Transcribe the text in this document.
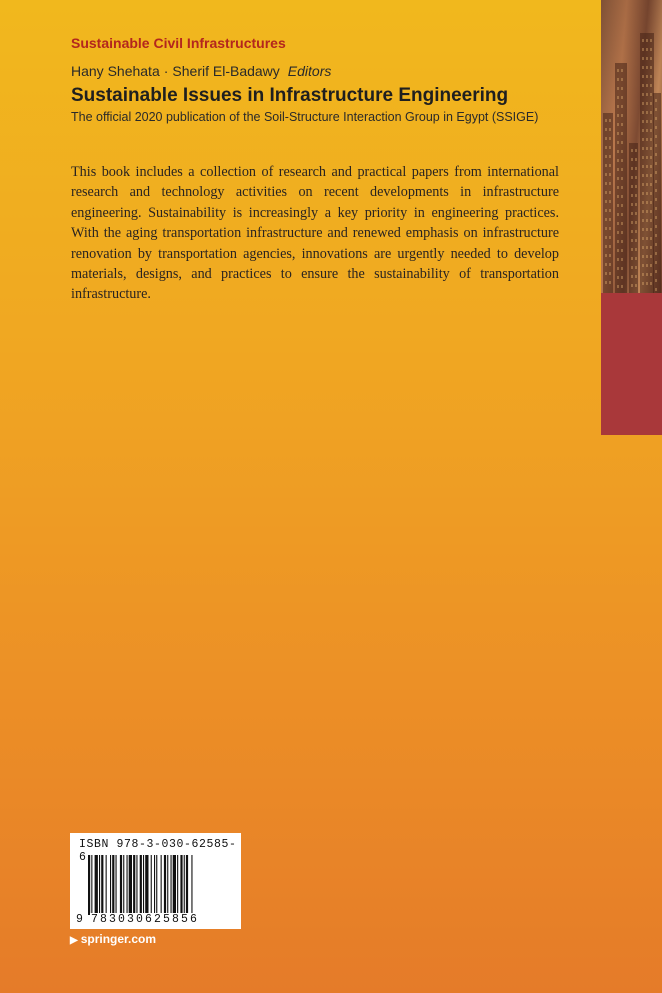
Sustainable Civil Infrastructures
Hany Shehata · Sherif El-Badawy Editors
Sustainable Issues in Infrastructure Engineering
The official 2020 publication of the Soil-Structure Interaction Group in Egypt (SSIGE)

This book includes a collection of research and practical papers from international research and technology activities on recent developments in infrastructure engineering. Sustainability is increasingly a key priority in engineering practices. With the aging transportation infrastructure and renewed emphasis on infrastructure renovation by transportation agencies, innovations are urgently needed to develop materials, designs, and practices to ensure the sustainability of transportation infrastructure.

ISBN 978-3-030-62585-6
9 783030625856
▶ springer.com
